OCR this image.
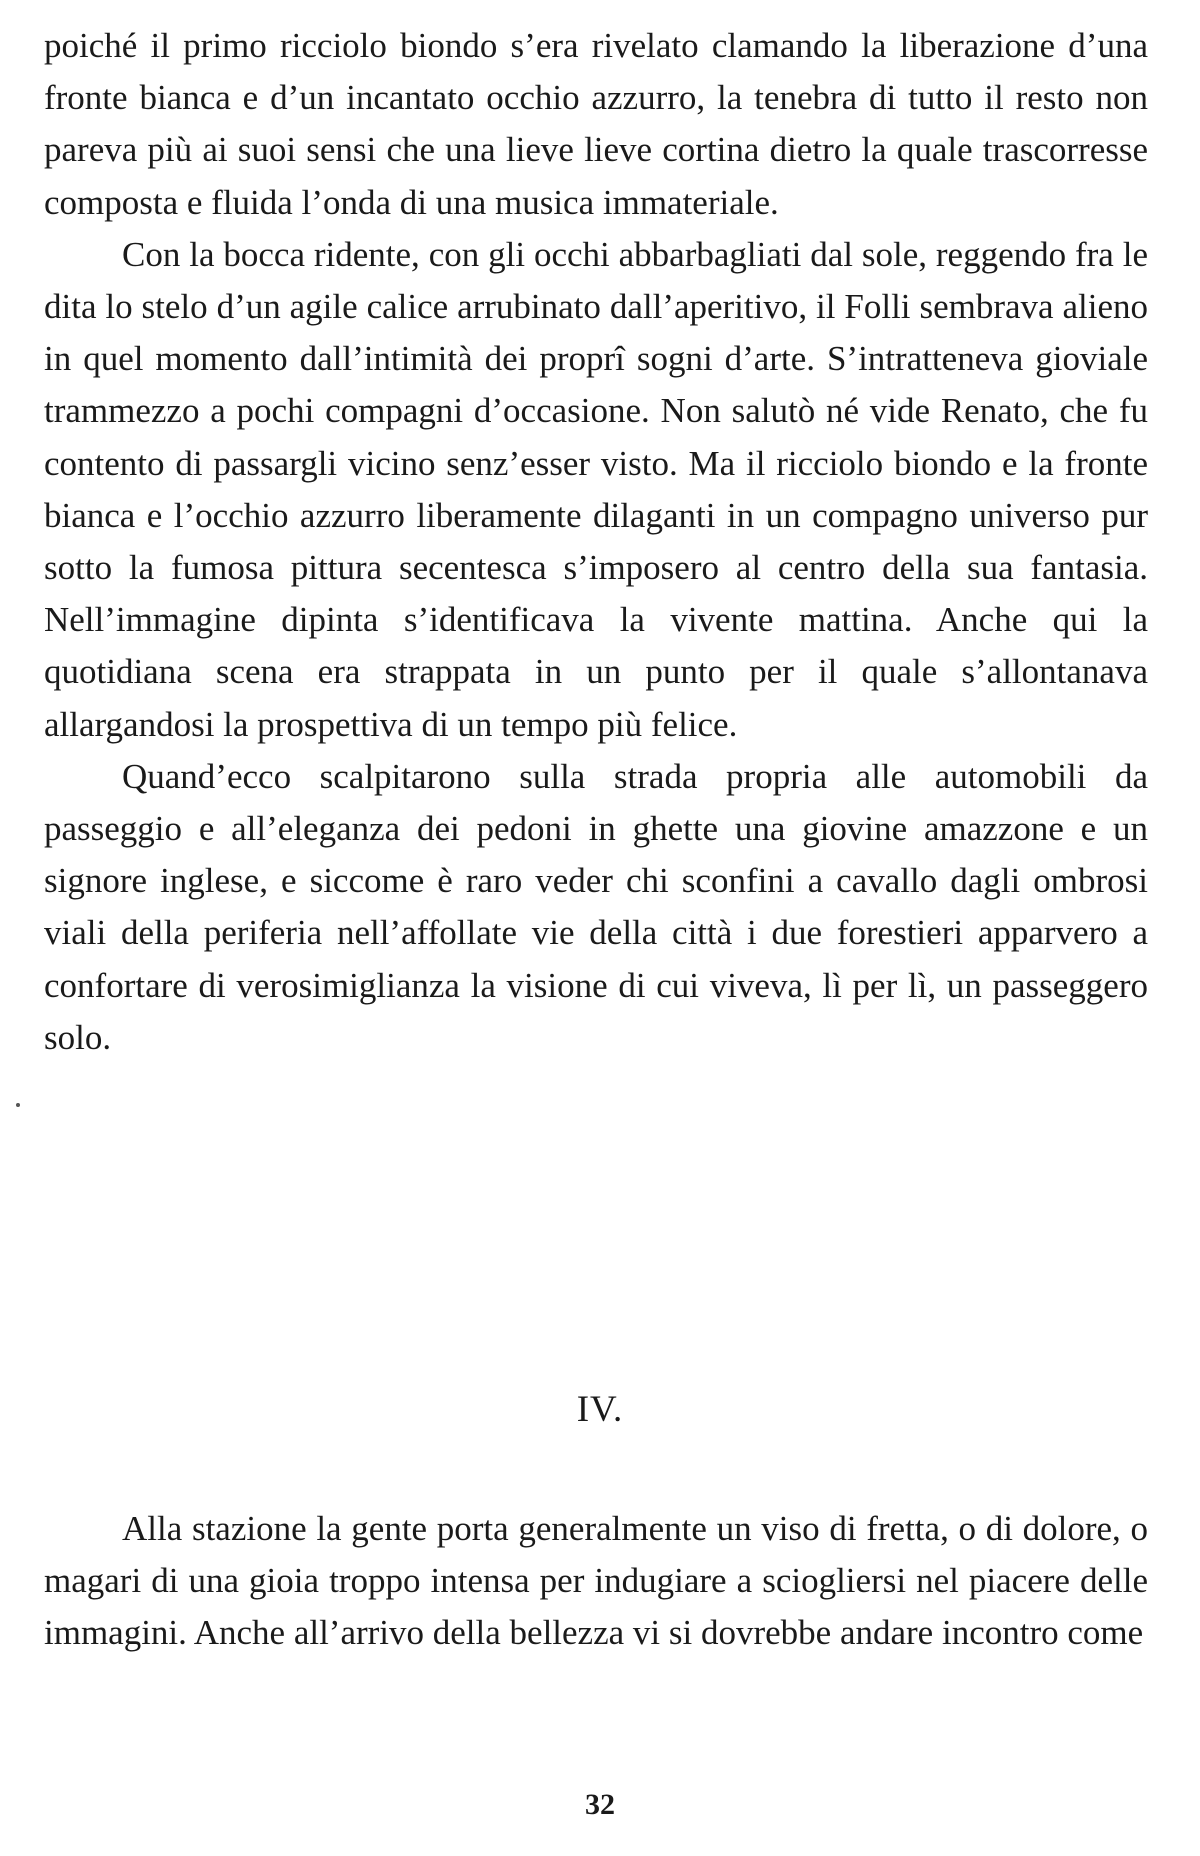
poiché il primo ricciolo biondo s’era rivelato clamando la liberazione d’una fronte bianca e d’un incantato occhio azzurro, la tenebra di tutto il resto non pareva più ai suoi sensi che una lieve lieve cortina dietro la quale trascorresse composta e fluida l’onda di una musica immateriale.

Con la bocca ridente, con gli occhi abbarbagliati dal sole, reggendo fra le dita lo stelo d’un agile calice arrubinato dall’aperitivo, il Folli sembrava alieno in quel momento dall’intimità dei proprî sogni d’arte. S’intratteneva gioviale trammezzo a pochi compagni d’occasione. Non salutò né vide Renato, che fu contento di passargli vicino senz’esser visto. Ma il ricciolo biondo e la fronte bianca e l’occhio azzurro liberamente dilaganti in un compagno universo pur sotto la fumosa pittura secentesca s’imposero al centro della sua fantasia. Nell’immagine dipinta s’identificava la vivente mattina. Anche qui la quotidiana scena era strappata in un punto per il quale s’allontanava allargandosi la prospettiva di un tempo più felice.

Quand’ecco scalpitarono sulla strada propria alle automobili da passeggio e all’eleganza dei pedoni in ghette una giovine amazzone e un signore inglese, e siccome è raro veder chi sconfini a cavallo dagli ombrosi viali della periferia nell’affollate vie della città i due forestieri apparvero a confortare di verosimiglianza la visione di cui viveva, lì per lì, un passeggero solo.

IV.

Alla stazione la gente porta generalmente un viso di fretta, o di dolore, o magari di una gioia troppo intensa per indugiare a sciogliersi nel piacere delle immagini. Anche all’arrivo della bellezza vi si dovrebbe andare incontro come

32
